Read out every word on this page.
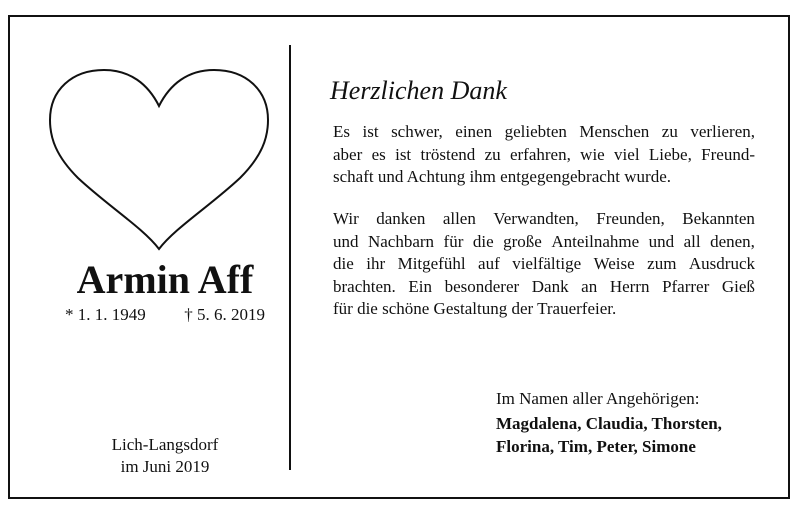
Armin Aff
* 1. 1. 1949 † 5. 6. 2019
Lich-Langsdorf
im Juni 2019
Herzlichen Dank
Es ist schwer, einen geliebten Menschen zu verlieren,
aber es ist tröstend zu erfahren, wie viel Liebe, Freund-
schaft und Achtung ihm entgegengebracht wurde.
Wir danken allen Verwandten, Freunden, Bekannten
und Nachbarn für die große Anteilnahme und all denen,
die ihr Mitgefühl auf vielfältige Weise zum Ausdruck
brachten. Ein besonderer Dank an Herrn Pfarrer Gieß
für die schöne Gestaltung der Trauerfeier.
Im Namen aller Angehörigen:
Magdalena, Claudia, Thorsten,
Florina, Tim, Peter, Simone
